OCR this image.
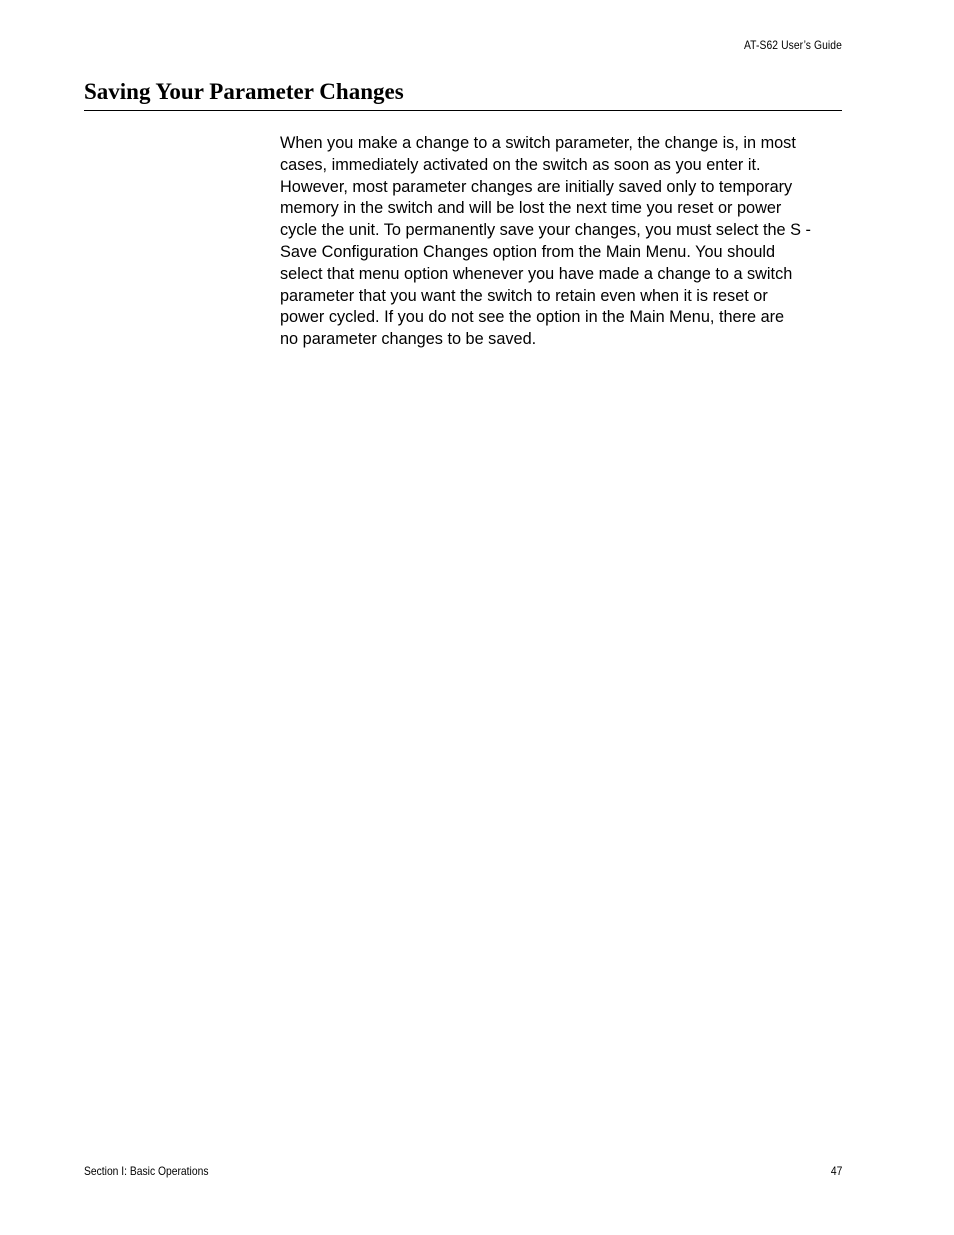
AT-S62 User’s Guide
Saving Your Parameter Changes

When you make a change to a switch parameter, the change is, in most
cases, immediately activated on the switch as soon as you enter it.
However, most parameter changes are initially saved only to temporary
memory in the switch and will be lost the next time you reset or power
cycle the unit. To permanently save your changes, you must select the S -
Save Configuration Changes option from the Main Menu. You should
select that menu option whenever you have made a change to a switch
parameter that you want the switch to retain even when it is reset or
power cycled. If you do not see the option in the Main Menu, there are
no parameter changes to be saved.

Section I: Basic Operations	47
